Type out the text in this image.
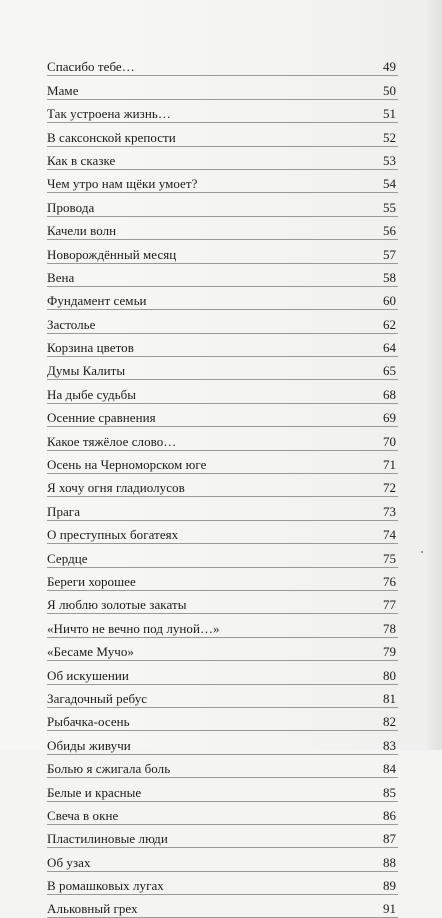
Спасибо тебе…	49
Маме	50
Так устроена жизнь…	51
В саксонской крепости	52
Как в сказке	53
Чем утро нам щёки умоет?	54
Провода	55
Качели волн	56
Новорождённый месяц	57
Вена	58
Фундамент семьи	60
Застолье	62
Корзина цветов	64
Думы Калиты	65
На дыбе судьбы	68
Осенние сравнения	69
Какое тяжёлое слово…	70
Осень на Черноморском юге	71
Я хочу огня гладиолусов	72
Прага	73
О преступных богатеях	74
Сердце	75
Береги хорошее	76
Я люблю золотые закаты	77
«Ничто не вечно под луной…»	78
«Бесаме Мучо»	79
Об искушении	80
Загадочный ребус	81
Рыбачка-осень	82
Обиды живучи	83
Болью я сжигала боль	84
Белые и красные	85
Свеча в окне	86
Пластилиновые люди	87
Об узах	88
В ромашковых лугах	89
Альковный грех	91
